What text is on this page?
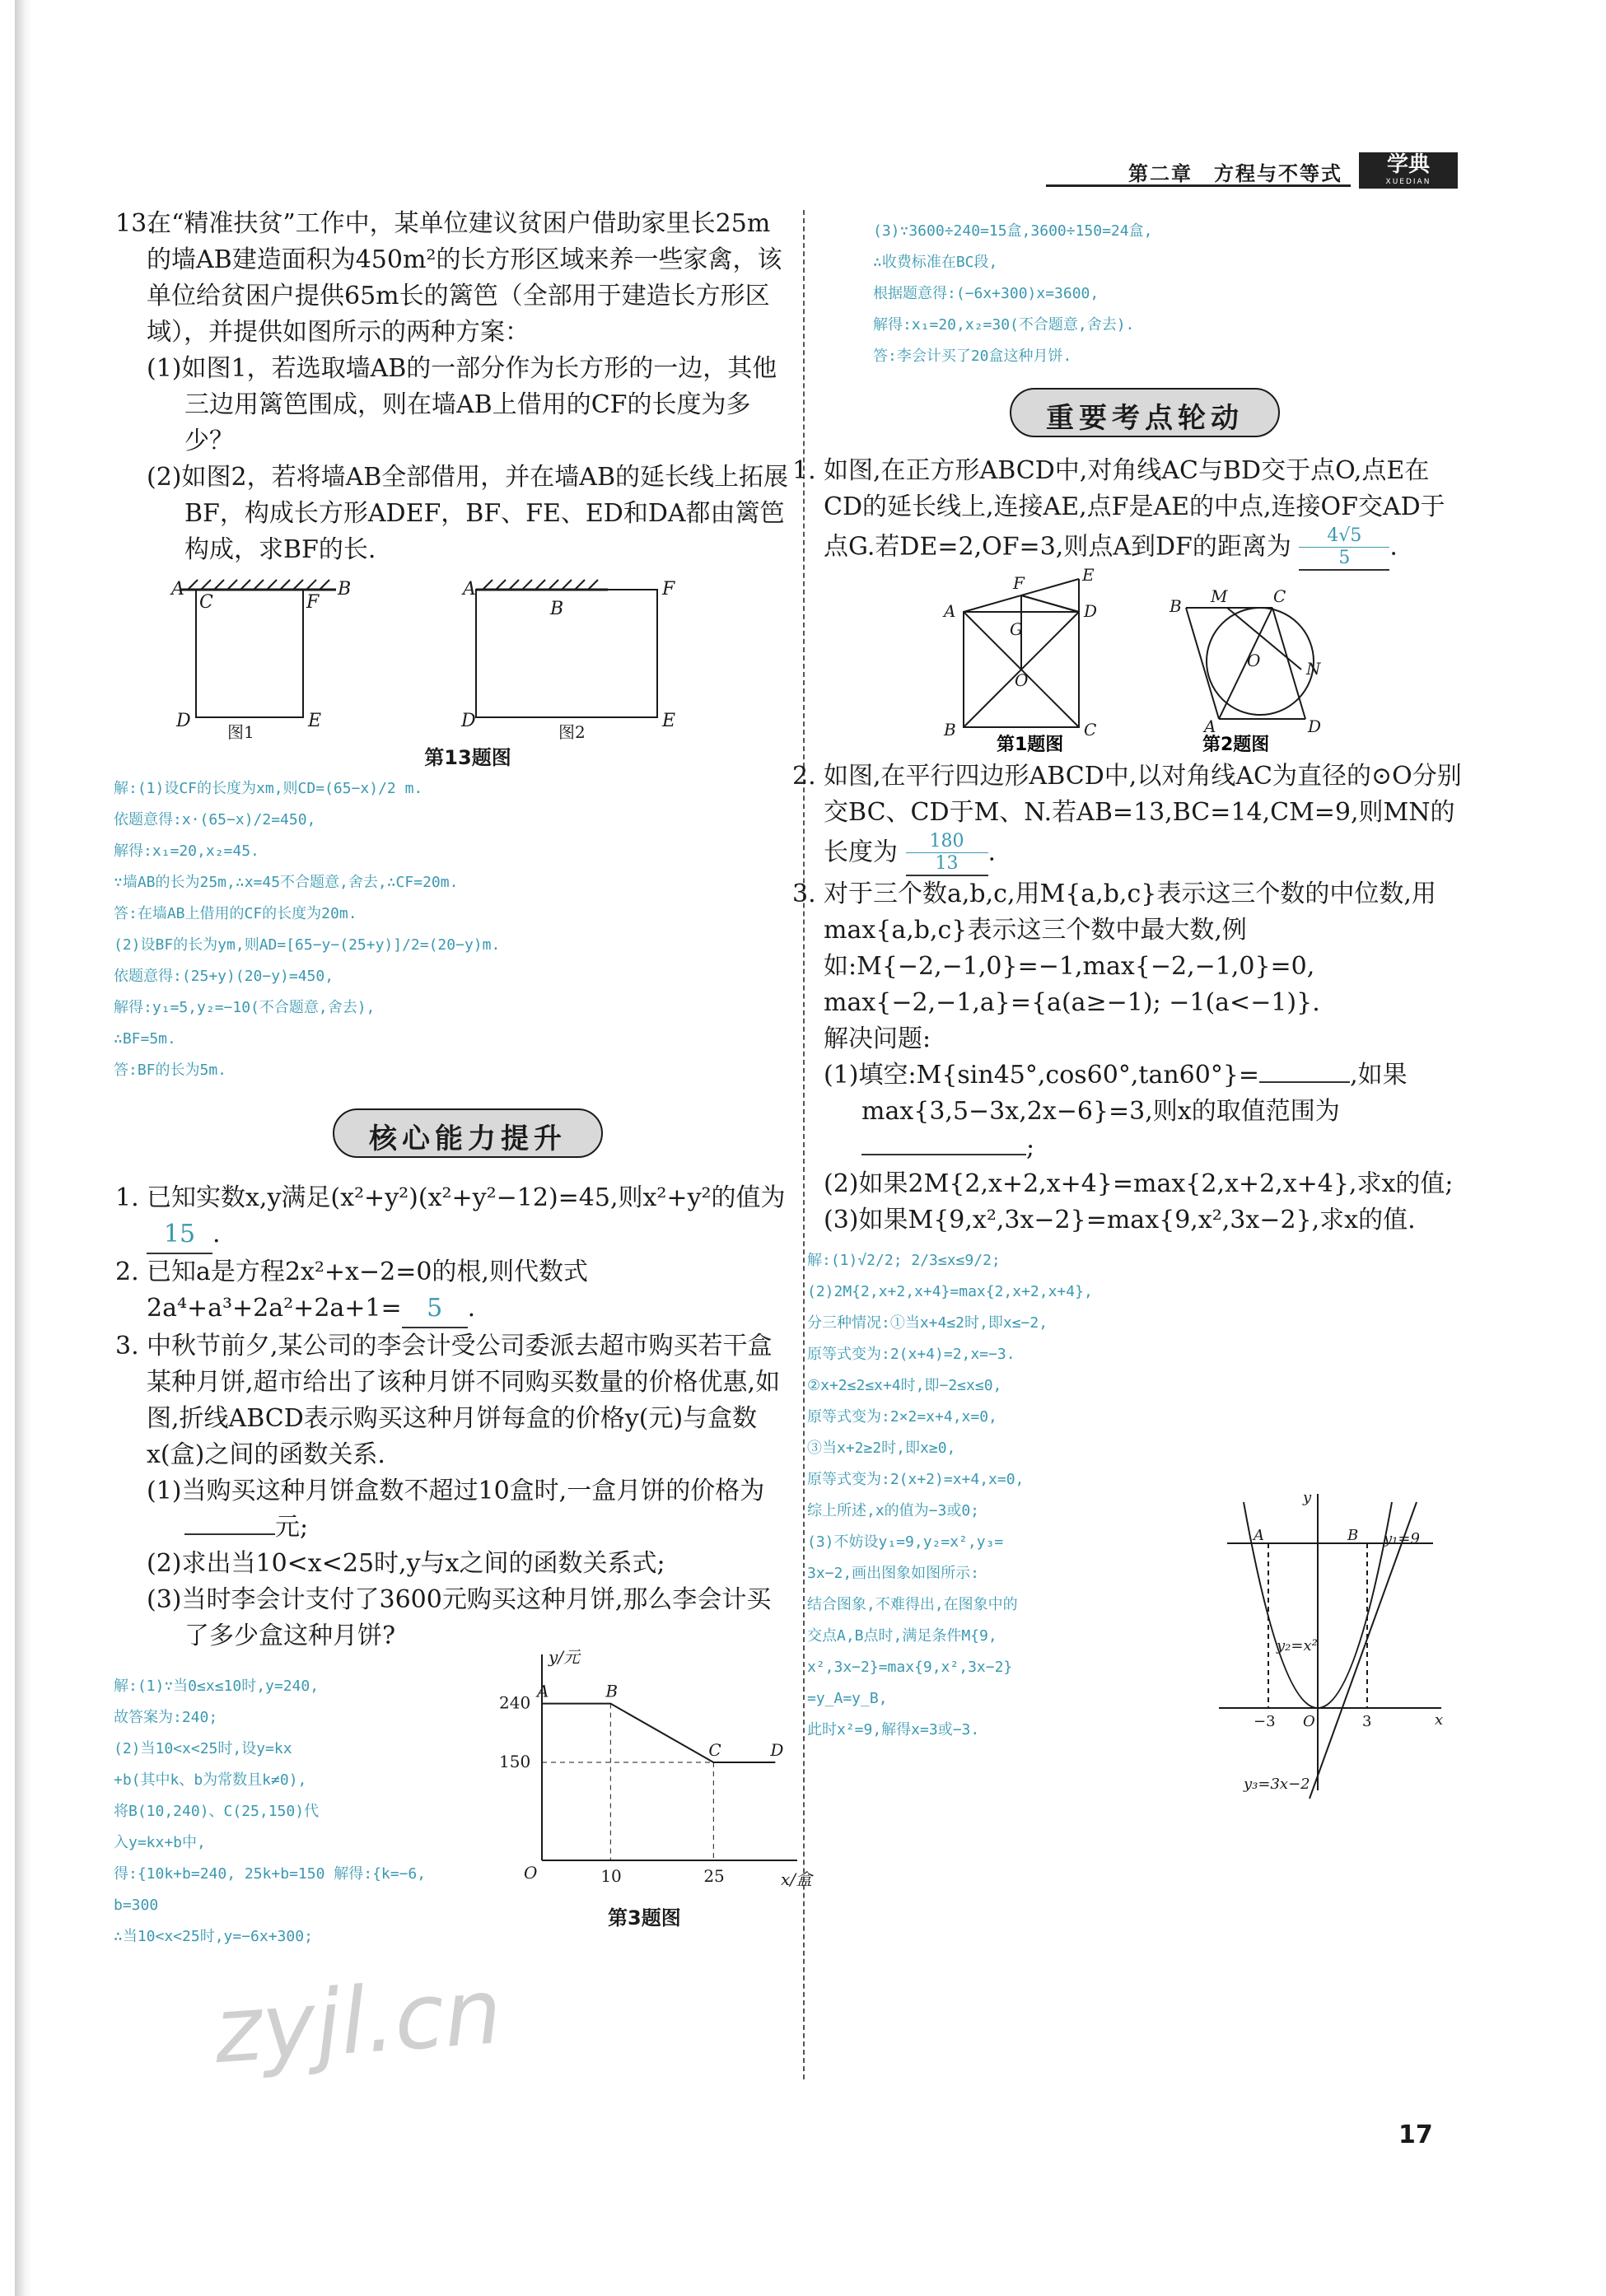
第二章　方程与不等式	学典
XUEDIAN

13.
在“精准扶贫”工作中，某单位建议贫困户借助家里长25m的墙AB建造面积为450m²的长方形区域来养一些家禽，该单位给贫困户提供65m长的篱笆（全部用于建造长方形区域），并提供如图所示的两种方案：

(1)如图1，若选取墙AB的一部分作为长方形的一边，其他三边用篱笆围成，则在墙AB上借用的CF的长度为多少？

(2)如图2，若将墙AB全部借用，并在墙AB的延长线上拓展BF，构成长方形ADEF，BF、FE、ED和DA都由篱笆构成，求BF的长.

A
C	F
B
D	E
图1
A
B
F
D	E
图2

第13题图

解:(1)设CF的长度为xm,则CD=(65−x)/2 m.

依题意得:x·(65−x)/2=450,

解得:x₁=20,x₂=45.

∵墙AB的长为25m,∴x=45不合题意,舍去,∴CF=20m.

答:在墙AB上借用的CF的长度为20m.

(2)设BF的长为ym,则AD=[65−y−(25+y)]/2=(20−y)m.

依题意得:(25+y)(20−y)=450,

解得:y₁=5,y₂=−10(不合题意,舍去),

∴BF=5m.

答:BF的长为5m.

核心能力提升

1. 已知实数x,y满足(x²+y²)(x²+y²−12)=45,则x²+y²的值为15 .

2. 已知a是方程2x²+x−2=0的根,则代数式2a⁴+a³+2a²+2a+1= 5 .

3. 中秋节前夕,某公司的李会计受公司委派去超市购买若干盒某种月饼,超市给出了该种月饼不同购买数量的价格优惠,如图,折线ABCD表示购买这种月饼每盒的价格y(元)与盒数x(盒)之间的函数关系.

(1)当购买这种月饼盒数不超过10盒时,一盒月饼的价格为元;

(2)求出当10<x<25时,y与x之间的函数关系式;

(3)当时李会计支付了3600元购买这种月饼,那么李会计买了多少盒这种月饼?

解:(1)∵当0≤x≤10时,y=240,

故答案为:240;

(2)当10<x<25时,设y=kx

+b(其中k、b为常数且k≠0),

将B(10,240)、C(25,150)代

入y=kx+b中,

得:{10k+b=240, 25k+b=150 解得:{k=−6, b=300

∴当10<x<25时,y=−6x+300;

x/盒
y/元
O
A	B
C	D
10	25
240
150

第3题图

(3)∵3600÷240=15盒,3600÷150=24盒,

∴收费标准在BC段,

根据题意得:(−6x+300)x=3600,

解得:x₁=20,x₂=30(不合题意,舍去).

答:李会计买了20盒这种月饼.

重要考点轮动

1. 如图,在正方形ABCD中,对角线AC与BD交于点O,点E在CD的延长线上,连接AE,点F是AE的中点,连接OF交AD于点G.若DE=2,OF=3,则点A到DF的距离为 $\frac{4√5}{5}$ .

A	D
B	C
F	E
G
O
B M	C
N
O
A	D
第1题图	第2题图

2. 如图,在平行四边形ABCD中,以对角线AC为直径的⊙O分别交BC、CD于M、N.若AB=13,BC=14,CM=9,则MN的长度为 $\frac{180}{13}$ .

3. 对于三个数a,b,c,用M{a,b,c}表示这三个数的中位数,用max{a,b,c}表示这三个数中最大数,例如:M{−2,−1,0}=−1,max{−2,−1,0}=0,

max{−2,−1,a}={a(a≥−1); −1(a<−1)}.

解决问题:

(1)填空:M{sin45°,cos60°,tan60°}=	,如果max{3,5−3x,2x−6}=3,则x的取值范围为;

(2)如果2M{2,x+2,x+4}=max{2,x+2,x+4},求x的值;

(3)如果M{9,x²,3x−2}=max{9,x²,3x−2},求x的值.

解:(1)√2/2; 2/3≤x≤9/2;

(2)2M{2,x+2,x+4}=max{2,x+2,x+4},

分三种情况:①当x+4≤2时,即x≤−2,

原等式变为:2(x+4)=2,x=−3.

②x+2≤2≤x+4时,即−2≤x≤0,

原等式变为:2×2=x+4,x=0,

③当x+2≥2时,即x≥0,

原等式变为:2(x+2)=x+4,x=0,

综上所述,x的值为−3或0;

(3)不妨设y₁=9,y₂=x²,y₃=

3x−2,画出图象如图所示:

结合图象,不难得出,在图象中的

交点A,B点时,满足条件M{9,

x²,3x−2}=max{9,x²,3x−2}

=y_A=y_B,

此时x²=9,解得x=3或−3.

y
x
A	B y₁=9
y₂=x²
y₃=3x−2
O
−3	3
zyjl.cn
17
